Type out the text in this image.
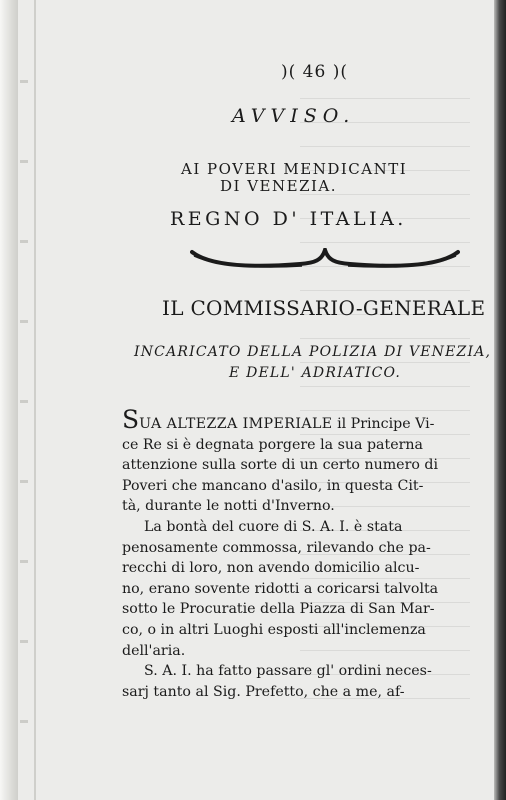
)( 46 )(
AVVISO.
AI POVERI MENDICANTI
DI VENEZIA.
REGNO D' ITALIA.
IL COMMISSARIO-GENERALE
INCARICATO DELLA POLIZIA DI VENEZIA,
E DELL' ADRIATICO.
SUA ALTEZZA IMPERIALE il Principe Vi-
ce Re si è degnata porgere la sua paterna
attenzione sulla sorte di un certo numero di
Poveri che mancano d'asilo, in questa Cit-
tà, durante le notti d'Inverno.
La bontà del cuore di S. A. I. è stata
penosamente commossa, rilevando che pa-
recchi di loro, non avendo domicilio alcu-
no, erano sovente ridotti a coricarsi talvolta
sotto le Procuratie della Piazza di San Mar-
co, o in altri Luoghi esposti all'inclemenza
dell'aria.
S. A. I. ha fatto passare gl' ordini neces-
sarj tanto al Sig. Prefetto, che a me, af-
